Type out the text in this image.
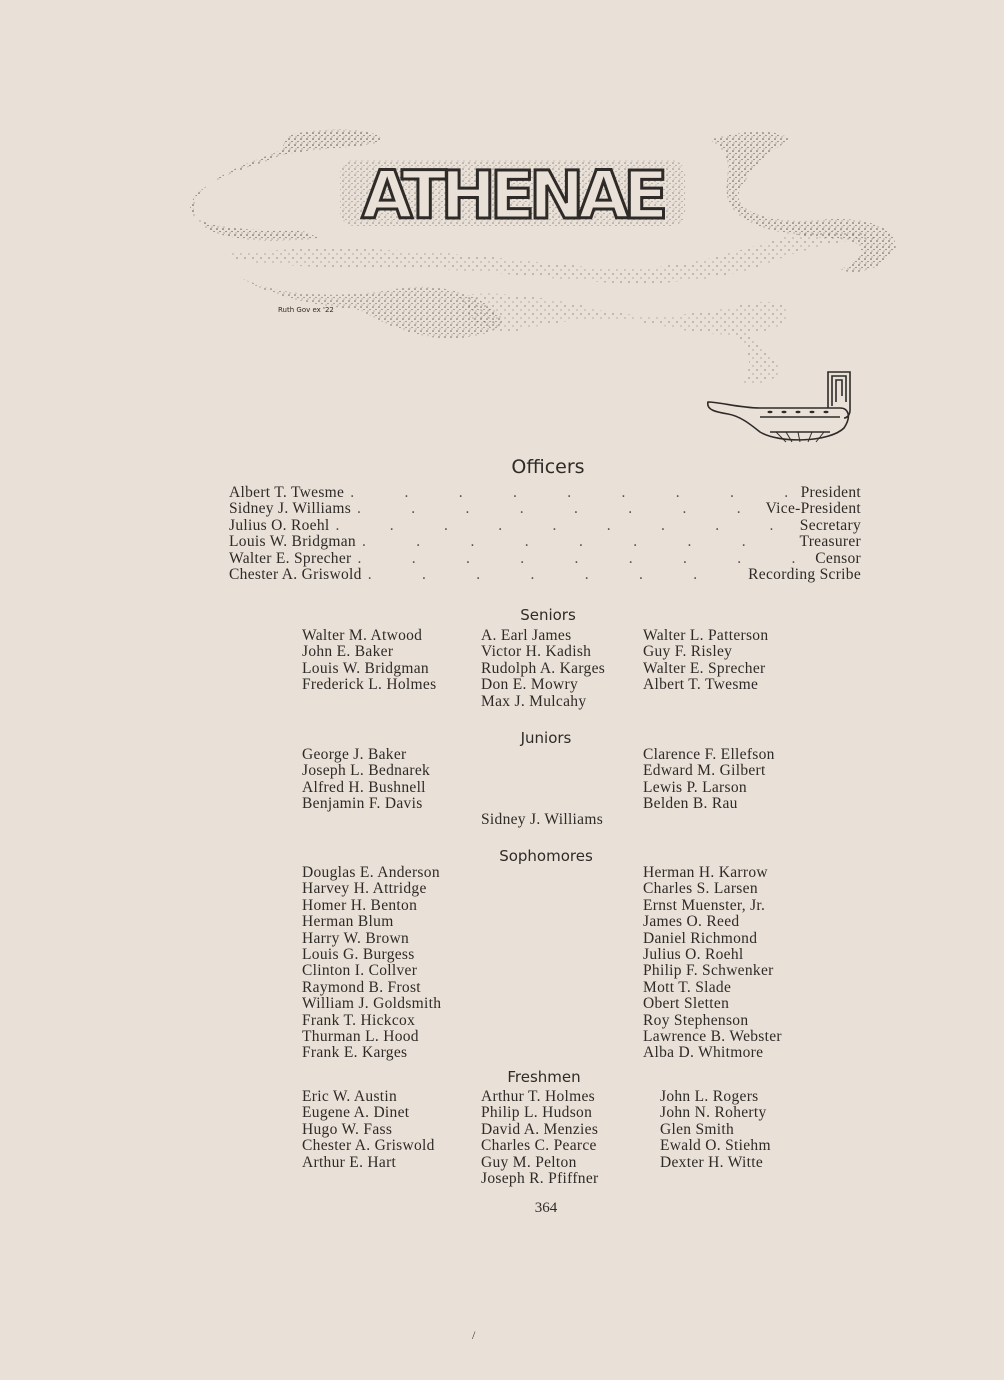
ATHENAE
Ruth Gov ex '22
Officers
Albert T. Twesme .	President
Sidney J. Williams .	Vice-President
Julius O. Roehl .	Secretary
Louis W. Bridgman .	Treasurer
Walter E. Sprecher .	Censor
Chester A. Griswold .	Recording Scribe
Seniors
Walter M. Atwood
John E. Baker
Louis W. Bridgman
Frederick L. Holmes
A. Earl James
Victor H. Kadish
Rudolph A. Karges
Don E. Mowry
Max J. Mulcahy
Walter L. Patterson
Guy F. Risley
Walter E. Sprecher
Albert T. Twesme
Juniors
George J. Baker
Joseph L. Bednarek
Alfred H. Bushnell
Benjamin F. Davis
Sidney J. Williams
Clarence F. Ellefson
Edward M. Gilbert
Lewis P. Larson
Belden B. Rau
Sophomores
Douglas E. Anderson
Harvey H. Attridge
Homer H. Benton
Herman Blum
Harry W. Brown
Louis G. Burgess
Clinton I. Collver
Raymond B. Frost
William J. Goldsmith
Frank T. Hickcox
Thurman L. Hood
Frank E. Karges
Herman H. Karrow
Charles S. Larsen
Ernst Muenster, Jr.
James O. Reed
Daniel Richmond
Julius O. Roehl
Philip F. Schwenker
Mott T. Slade
Obert Sletten
Roy Stephenson
Lawrence B. Webster
Alba D. Whitmore
Freshmen
Eric W. Austin
Eugene A. Dinet
Hugo W. Fass
Chester A. Griswold
Arthur E. Hart
Arthur T. Holmes
Philip L. Hudson
David A. Menzies
Charles C. Pearce
Guy M. Pelton
Joseph R. Pfiffner
John L. Rogers
John N. Roherty
Glen Smith
Ewald O. Stiehm
Dexter H. Witte
364
/
